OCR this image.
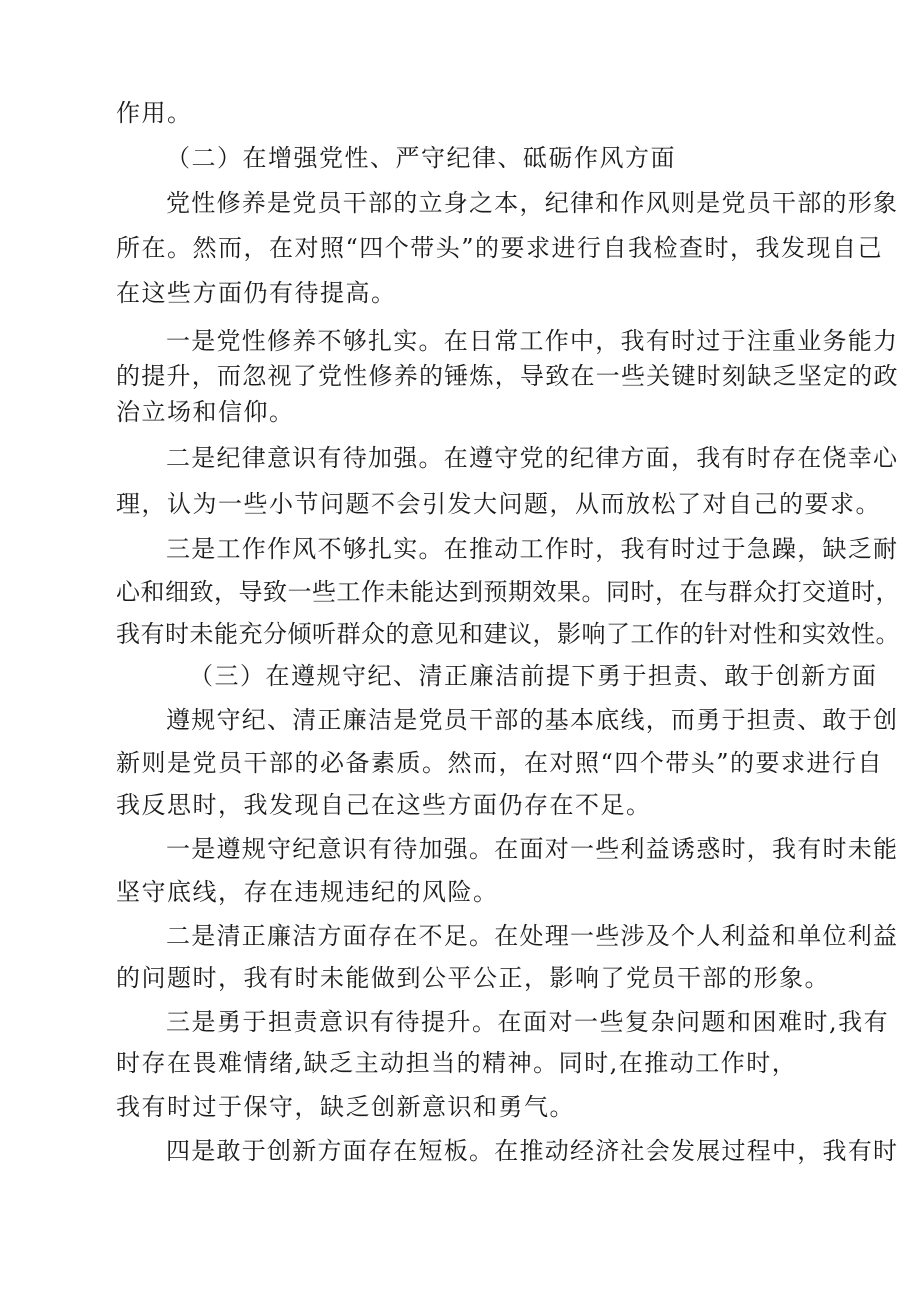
作用。
（二）在增强党性、严守纪律、砥砺作风方面
党性修养是党员干部的立身之本，纪律和作风则是党员干部的形象
所在。然而，在对照“四个带头”的要求进行自我检查时，我发现自己
在这些方面仍有待提高。
一是党性修养不够扎实。在日常工作中，我有时过于注重业务能力
的提升，而忽视了党性修养的锤炼，导致在一些关键时刻缺乏坚定的政
治立场和信仰。
二是纪律意识有待加强。在遵守党的纪律方面，我有时存在侥幸心
理，认为一些小节问题不会引发大问题，从而放松了对自己的要求。
三是工作作风不够扎实。在推动工作时，我有时过于急躁，缺乏耐
心和细致，导致一些工作未能达到预期效果。同时，在与群众打交道时，
我有时未能充分倾听群众的意见和建议，影响了工作的针对性和实效性。
（三）在遵规守纪、清正廉洁前提下勇于担责、敢于创新方面
遵规守纪、清正廉洁是党员干部的基本底线，而勇于担责、敢于创
新则是党员干部的必备素质。然而，在对照“四个带头”的要求进行自
我反思时，我发现自己在这些方面仍存在不足。
一是遵规守纪意识有待加强。在面对一些利益诱惑时，我有时未能
坚守底线，存在违规违纪的风险。
二是清正廉洁方面存在不足。在处理一些涉及个人利益和单位利益
的问题时，我有时未能做到公平公正，影响了党员干部的形象。
三是勇于担责意识有待提升。在面对一些复杂问题和困难时,我有
时存在畏难情绪,缺乏主动担当的精神。同时,在推动工作时，
我有时过于保守，缺乏创新意识和勇气。
四是敢于创新方面存在短板。在推动经济社会发展过程中，我有时
